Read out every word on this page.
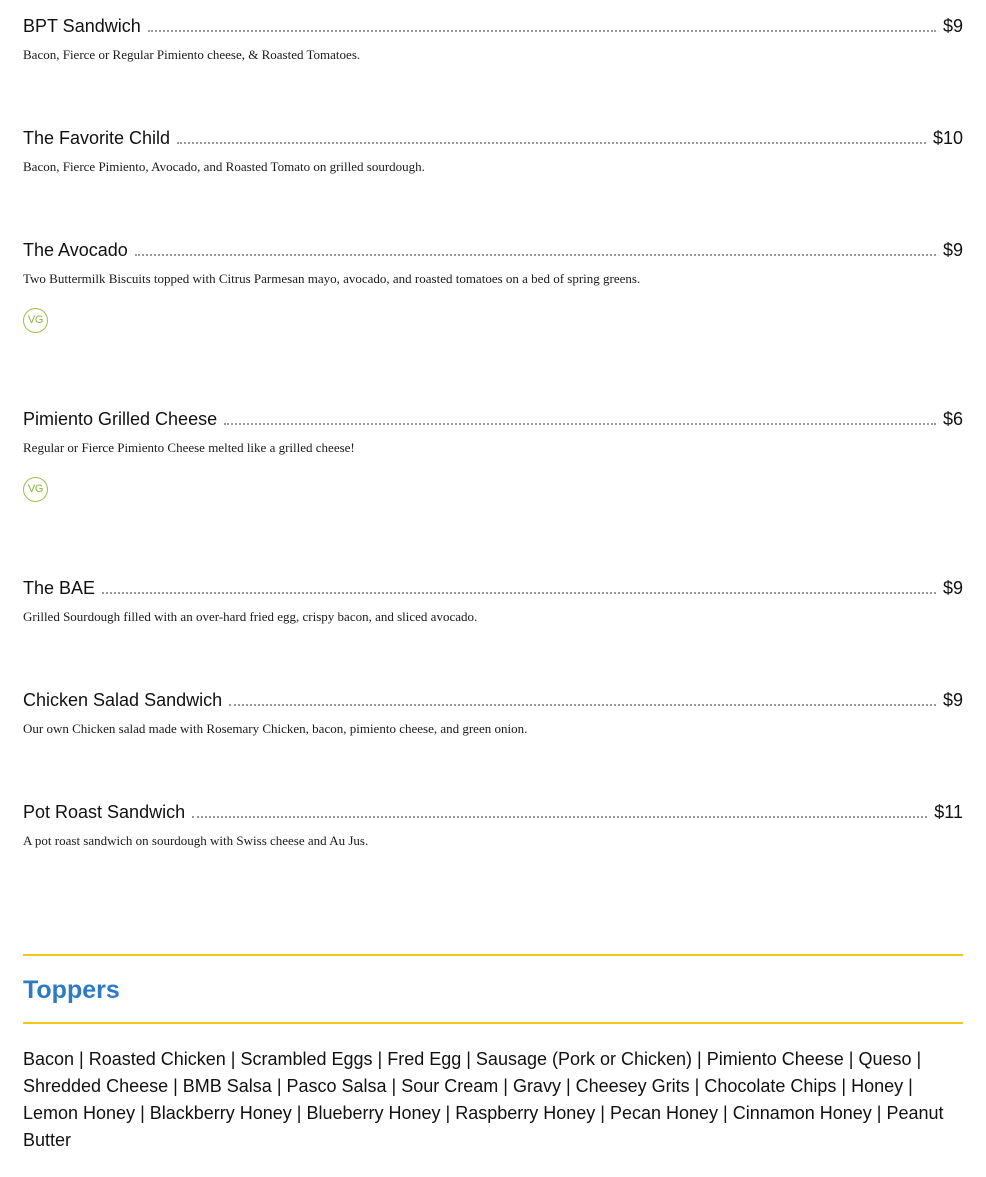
BPT Sandwich	$9
Bacon, Fierce or Regular Pimiento cheese, & Roasted Tomatoes.
The Favorite Child	$10
Bacon, Fierce Pimiento, Avocado, and Roasted Tomato on grilled sourdough.
The Avocado	$9
Two Buttermilk Biscuits topped with Citrus Parmesan mayo, avocado, and roasted tomatoes on a bed of spring greens.
VG
Pimiento Grilled Cheese	$6
Regular or Fierce Pimiento Cheese melted like a grilled cheese!
VG
The BAE	$9
Grilled Sourdough filled with an over-hard fried egg, crispy bacon, and sliced avocado.
Chicken Salad Sandwich	$9
Our own Chicken salad made with Rosemary Chicken, bacon, pimiento cheese, and green onion.
Pot Roast Sandwich	$11
A pot roast sandwich on sourdough with Swiss cheese and Au Jus.
Toppers
Bacon | Roasted Chicken | Scrambled Eggs | Fred Egg | Sausage (Pork or Chicken) | Pimiento Cheese | Queso | Shredded Cheese | BMB Salsa | Pasco Salsa | Sour Cream | Gravy | Cheesey Grits | Chocolate Chips | Honey | Lemon Honey | Blackberry Honey | Blueberry Honey | Raspberry Honey | Pecan Honey | Cinnamon Honey | Peanut Butter
